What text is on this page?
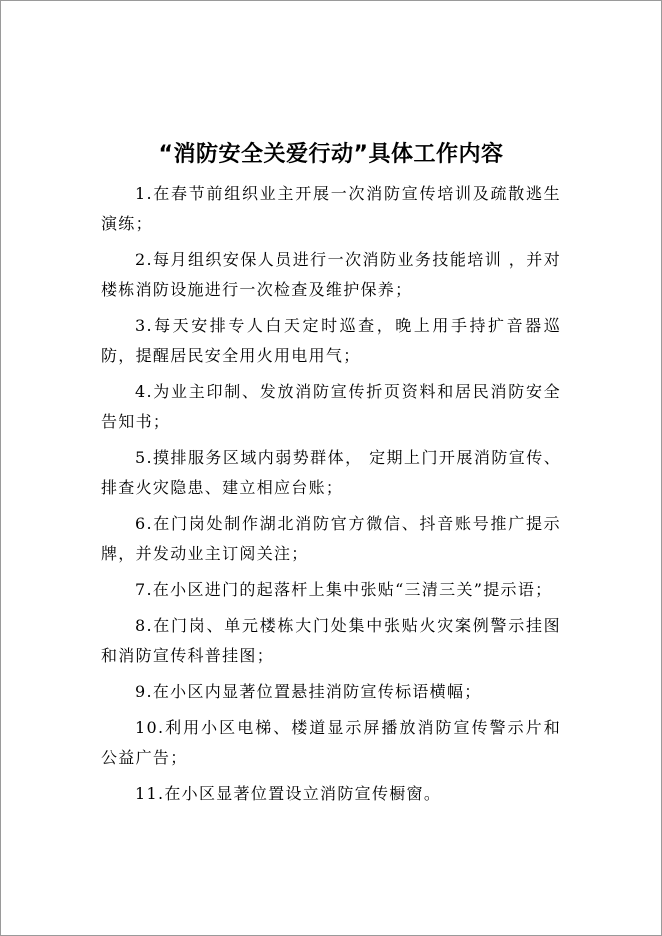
“消防安全关爱行动”具体工作内容

1.在春节前组织业主开展一次消防宣传培训及疏散逃生演练；

2.每月组织安保人员进行一次消防业务技能培训 ，并对楼栋消防设施进行一次检查及维护保养；

3.每天安排专人白天定时巡查，晚上用手持扩音器巡防，提醒居民安全用火用电用气；

4.为业主印制、发放消防宣传折页资料和居民消防安全告知书；

5.摸排服务区域内弱势群体， 定期上门开展消防宣传、排查火灾隐患、建立相应台账；

6.在门岗处制作湖北消防官方微信、抖音账号推广提示牌，并发动业主订阅关注；

7.在小区进门的起落杆上集中张贴“三清三关”提示语；

8.在门岗、单元楼栋大门处集中张贴火灾案例警示挂图和消防宣传科普挂图；

9.在小区内显著位置悬挂消防宣传标语横幅；

10.利用小区电梯、楼道显示屏播放消防宣传警示片和公益广告；

11.在小区显著位置设立消防宣传橱窗。
